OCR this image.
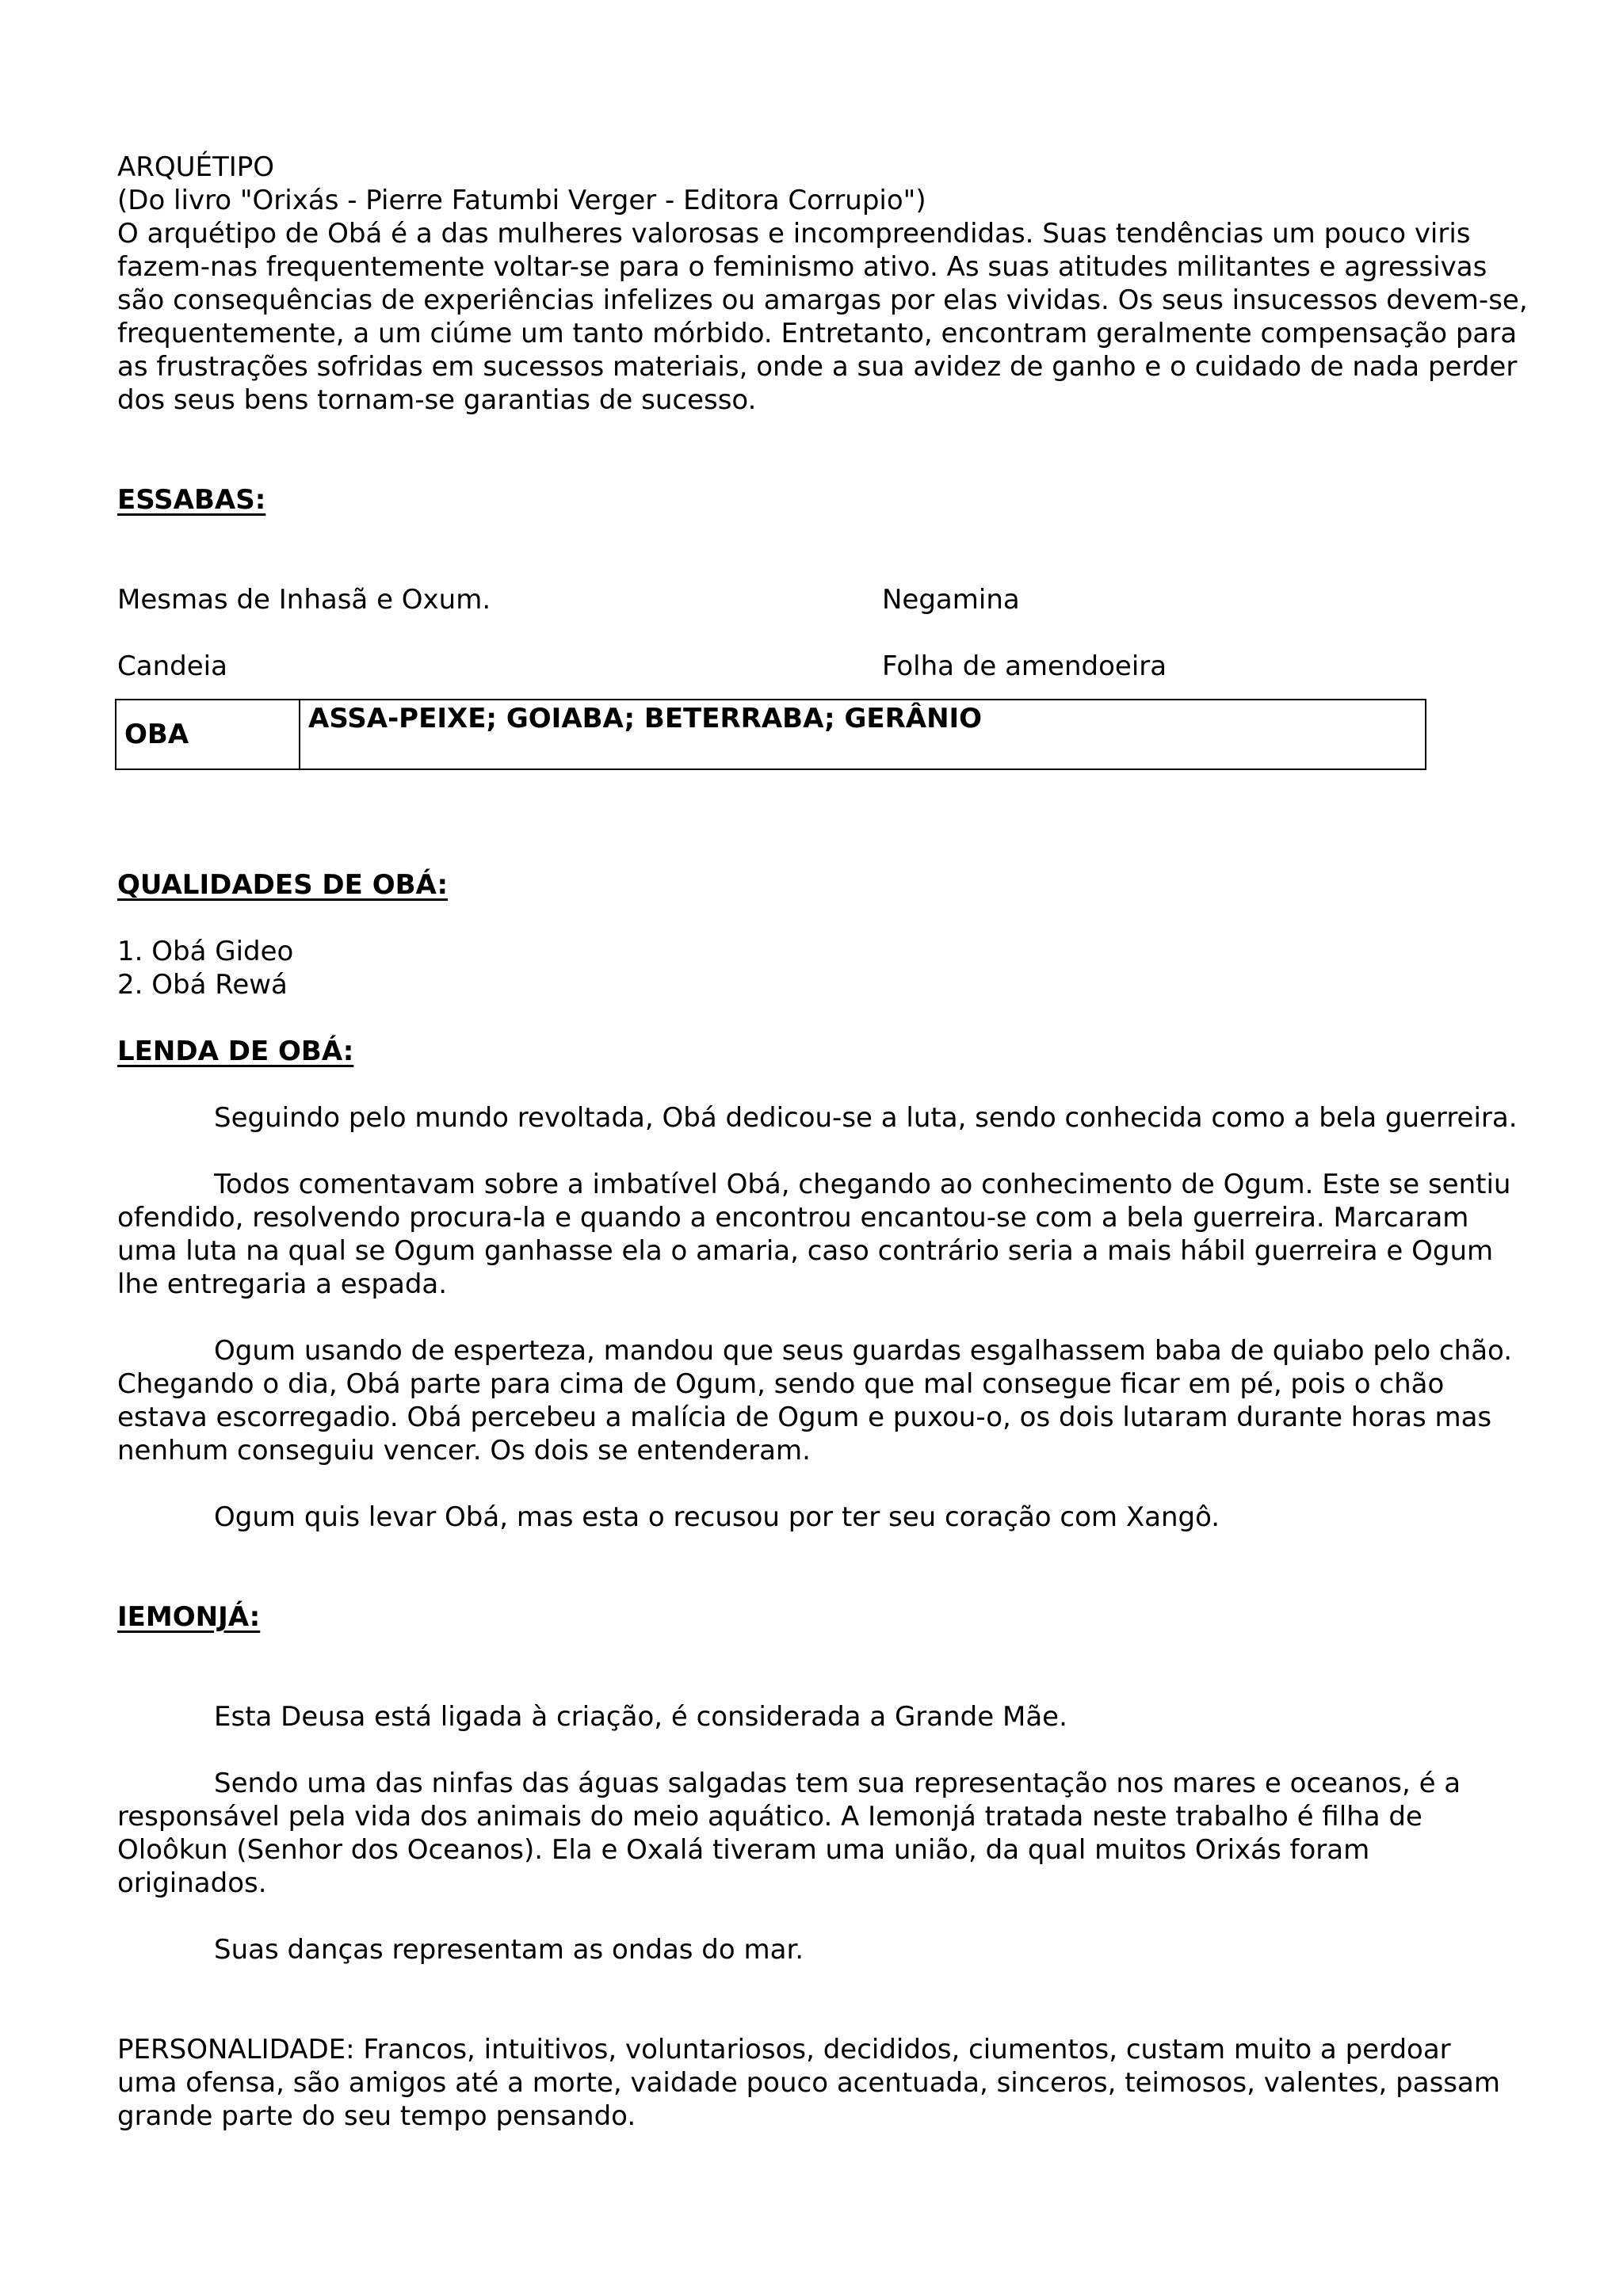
ARQUÉTIPO

(Do livro "Orixás - Pierre Fatumbi Verger - Editora Corrupio")

O arquétipo de Obá é a das mulheres valorosas e incompreendidas. Suas tendências um pouco viris

fazem-nas frequentemente voltar-se para o feminismo ativo. As suas atitudes militantes e agressivas

são consequências de experiências infelizes ou amargas por elas vividas. Os seus insucessos devem-se,

frequentemente, a um ciúme um tanto mórbido. Entretanto, encontram geralmente compensação para

as frustrações sofridas em sucessos materiais, onde a sua avidez de ganho e o cuidado de nada perder

dos seus bens tornam-se garantias de sucesso.

ESSABAS:

Mesmas de Inhasã e Oxum.	Negamina
Candeia	Folha de amendoeira
OBA	ASSA-PEIXE; GOIABA; BETERRABA; GERÂNIO

QUALIDADES DE OBÁ:

1. Obá Gideo

2. Obá Rewá

LENDA DE OBÁ:

Seguindo pelo mundo revoltada, Obá dedicou-se a luta, sendo conhecida como a bela guerreira.

Todos comentavam sobre a imbatível Obá, chegando ao conhecimento de Ogum. Este se sentiu

ofendido, resolvendo procura-la e quando a encontrou encantou-se com a bela guerreira. Marcaram

uma luta na qual se Ogum ganhasse ela o amaria, caso contrário seria a mais hábil guerreira e Ogum

lhe entregaria a espada.

Ogum usando de esperteza, mandou que seus guardas esgalhassem baba de quiabo pelo chão.

Chegando o dia, Obá parte para cima de Ogum, sendo que mal consegue ficar em pé, pois o chão

estava escorregadio. Obá percebeu a malícia de Ogum e puxou-o, os dois lutaram durante horas mas

nenhum conseguiu vencer. Os dois se entenderam.

Ogum quis levar Obá, mas esta o recusou por ter seu coração com Xangô.

IEMONJÁ:

Esta Deusa está ligada à criação, é considerada a Grande Mãe.

Sendo uma das ninfas das águas salgadas tem sua representação nos mares e oceanos, é a

responsável pela vida dos animais do meio aquático. A Iemonjá tratada neste trabalho é filha de

Oloôkun (Senhor dos Oceanos). Ela e Oxalá tiveram uma união, da qual muitos Orixás foram

originados.

Suas danças representam as ondas do mar.

PERSONALIDADE: Francos, intuitivos, voluntariosos, decididos, ciumentos, custam muito a perdoar

uma ofensa, são amigos até a morte, vaidade pouco acentuada, sinceros, teimosos, valentes, passam

grande parte do seu tempo pensando.
